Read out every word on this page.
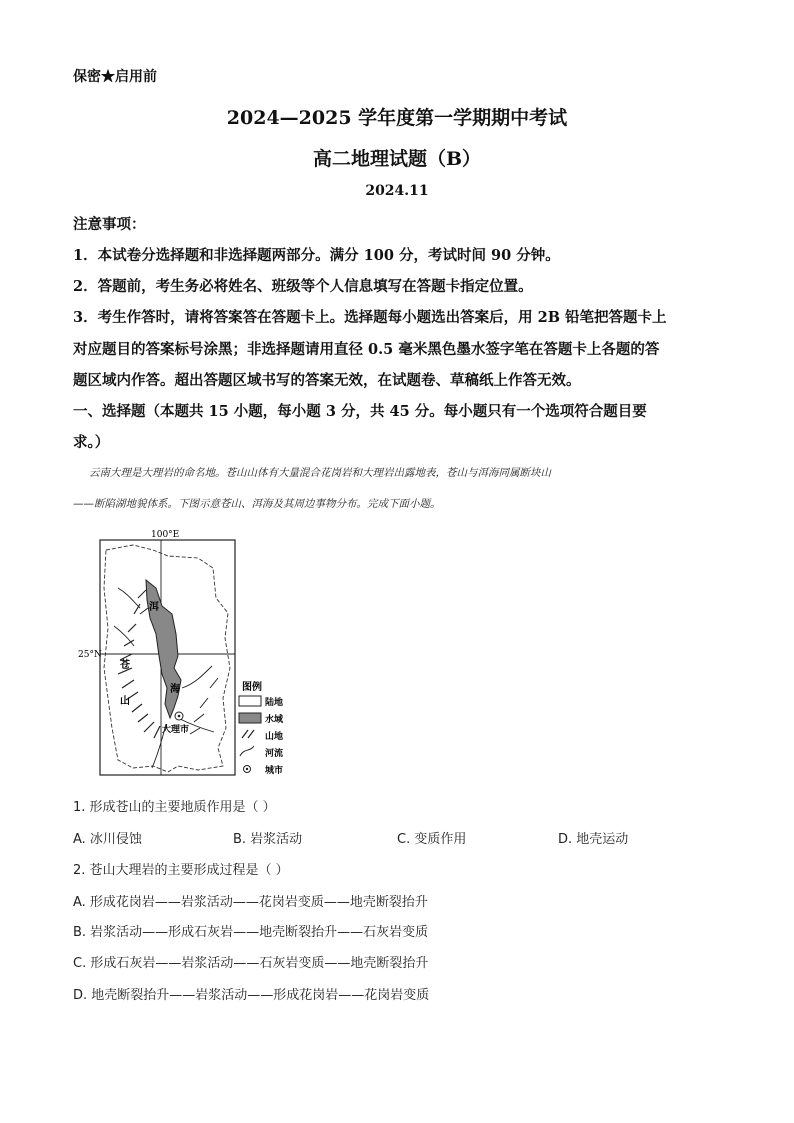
保密★启用前
2024—2025 学年度第一学期期中考试
高二地理试题（B）
2024.11
注意事项：
1．本试卷分选择题和非选择题两部分。满分 100 分，考试时间 90 分钟。
2．答题前，考生务必将姓名、班级等个人信息填写在答题卡指定位置。
3．考生作答时，请将答案答在答题卡上。选择题每小题选出答案后，用 2B 铅笔把答题卡上
对应题目的答案标号涂黑；非选择题请用直径 0.5 毫米黑色墨水签字笔在答题卡上各题的答
题区域内作答。超出答题区域书写的答案无效，在试题卷、草稿纸上作答无效。
一、选择题（本题共 15 小题，每小题 3 分，共 45 分。每小题只有一个选项符合题目要
求。）
云南大理是大理岩的命名地。苍山山体有大量混合花岗岩和大理岩出露地表，苍山与洱海同属断块山
——断陷湖地貌体系。下图示意苍山、洱海及其周边事物分布。完成下面小题。
100°E
25°N
洱
海
苍
山
大理市
图例
陆地
水域
山地
河流
城市
1. 形成苍山的主要地质作用是（ ）
A. 冰川侵蚀	B. 岩浆活动	C. 变质作用	D. 地壳运动
2. 苍山大理岩的主要形成过程是（ ）
A. 形成花岗岩——岩浆活动——花岗岩变质——地壳断裂抬升
B. 岩浆活动——形成石灰岩——地壳断裂抬升——石灰岩变质
C. 形成石灰岩——岩浆活动——石灰岩变质——地壳断裂抬升
D. 地壳断裂抬升——岩浆活动——形成花岗岩——花岗岩变质
